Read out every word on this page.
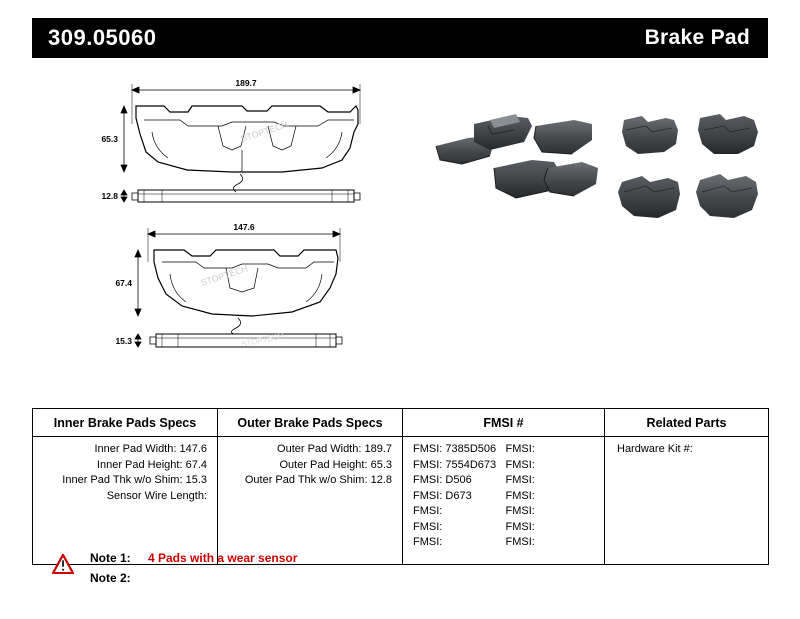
309.05060	Brake Pad
189.7
65.3
12.8
147.6
67.4
15.3
STOPTECH
STOPTECH
STOPTECH
Inner Brake Pads Specs	Outer Brake Pads Specs	FMSI #	Related Parts

Inner Pad Width: 147.6
Inner Pad Height: 67.4
Inner Pad Thk w/o Shim: 15.3
Sensor Wire Length:

Outer Pad Width: 189.7
Outer Pad Height: 65.3
Outer Pad Thk w/o Shim: 12.8

FMSI: 7385D506
FMSI: 7554D673
FMSI: D506
FMSI: D673
FMSI:
FMSI:
FMSI:
FMSI:
FMSI:
FMSI:
FMSI:
FMSI:
FMSI:
FMSI:

Hardware Kit #:
Note 1:	4 Pads with a wear sensor
Note 2:
